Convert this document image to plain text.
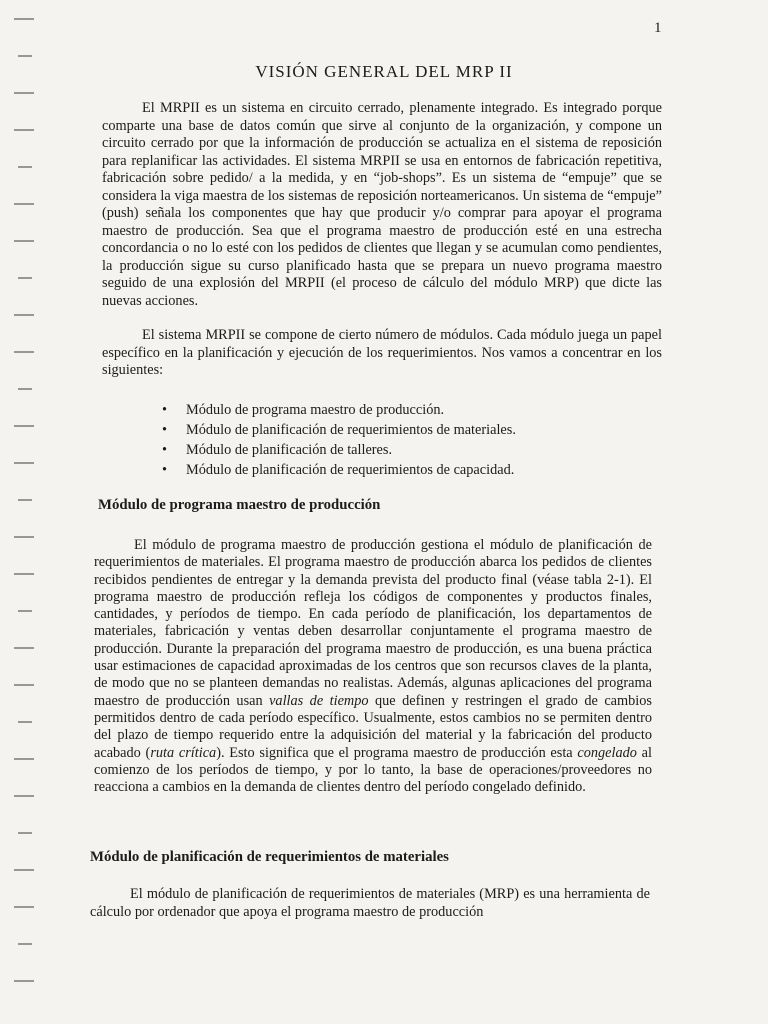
1
VISIÓN GENERAL DEL MRP II

El MRPII es un sistema en circuito cerrado, plenamente integrado. Es integrado porque comparte una base de datos común que sirve al conjunto de la organización, y compone un circuito cerrado por que la información de producción se actualiza en el sistema de reposición para replanificar las actividades. El sistema MRPII se usa en entornos de fabricación repetitiva, fabricación sobre pedido/ a la medida, y en “job-shops”. Es un sistema de “empuje” que se considera la viga maestra de los sistemas de reposición norteamericanos. Un sistema de “empuje” (push) señala los componentes que hay que producir y/o comprar para apoyar el programa maestro de producción. Sea que el programa maestro de producción esté en una estrecha concordancia o no lo esté con los pedidos de clientes que llegan y se acumulan como pendientes, la producción sigue su curso planificado hasta que se prepara un nuevo programa maestro seguido de una explosión del MRPII (el proceso de cálculo del módulo MRP) que dicte las nuevas acciones.

El sistema MRPII se compone de cierto número de módulos. Cada módulo juega un papel específico en la planificación y ejecución de los requerimientos. Nos vamos a concentrar en los siguientes:

• Módulo de programa maestro de producción.
• Módulo de planificación de requerimientos de materiales.
• Módulo de planificación de talleres.
• Módulo de planificación de requerimientos de capacidad.
Módulo de programa maestro de producción

El módulo de programa maestro de producción gestiona el módulo de planificación de requerimientos de materiales. El programa maestro de producción abarca los pedidos de clientes recibidos pendientes de entregar y la demanda prevista del producto final (véase tabla 2-1). El programa maestro de producción refleja los códigos de componentes y productos finales, cantidades, y períodos de tiempo. En cada período de planificación, los departamentos de materiales, fabricación y ventas deben desarrollar conjuntamente el programa maestro de producción. Durante la preparación del programa maestro de producción, es una buena práctica usar estimaciones de capacidad aproximadas de los centros que son recursos claves de la planta, de modo que no se planteen demandas no realistas. Además, algunas aplicaciones del programa maestro de producción usan vallas de tiempo que definen y restringen el grado de cambios permitidos dentro de cada período específico. Usualmente, estos cambios no se permiten dentro del plazo de tiempo requerido entre la adquisición del material y la fabricación del producto acabado (ruta crítica). Esto significa que el programa maestro de producción esta congelado al comienzo de los períodos de tiempo, y por lo tanto, la base de operaciones/proveedores no reacciona a cambios en la demanda de clientes dentro del período congelado definido.

Módulo de planificación de requerimientos de materiales

El módulo de planificación de requerimientos de materiales (MRP) es una herramienta de cálculo por ordenador que apoya el programa maestro de producción
